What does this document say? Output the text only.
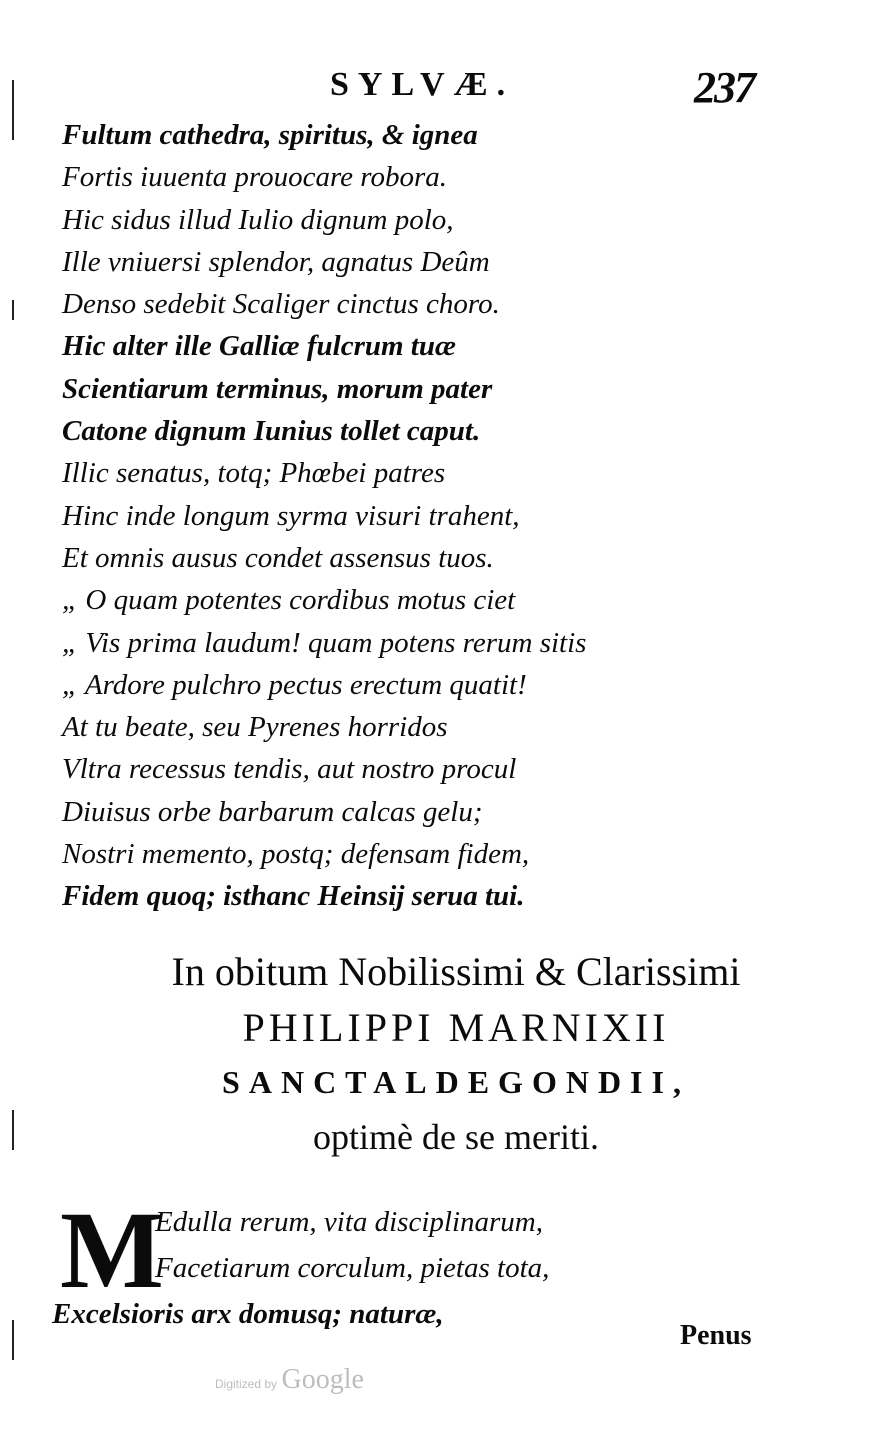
SYLVÆ.	237
Fultum cathedra, spiritus, & ignea
Fortis iuuenta prouocare robora.
Hic sidus illud Iulio dignum polo,
Ille vniuersi splendor, agnatus Deûm
Denso sedebit Scaliger cinctus choro.
Hic alter ille Galliæ fulcrum tuæ
Scientiarum terminus, morum pater
Catone dignum Iunius tollet caput.
Illic senatus, totq; Phœbei patres
Hinc inde longum syrma visuri trahent,
Et omnis ausus condet assensus tuos.
„ O quam potentes cordibus motus ciet
„ Vis prima laudum! quam potens rerum sitis
„ Ardore pulchro pectus erectum quatit!
At tu beate, seu Pyrenes horridos
Vltra recessus tendis, aut nostro procul
Diuisus orbe barbarum calcas gelu;
Nostri memento, postq; defensam fidem,
Fidem quoq; isthanc Heinsij serua tui.
In obitum Nobilissimi & Clarissimi
PHILIPPI MARNIXII
SANCTALDEGONDII,
optimè de se meriti.
M
Edulla rerum, vita disciplinarum,
Facetiarum corculum, pietas tota,
Excelsioris arx domusq; naturæ,
Penus
Digitized by Google
